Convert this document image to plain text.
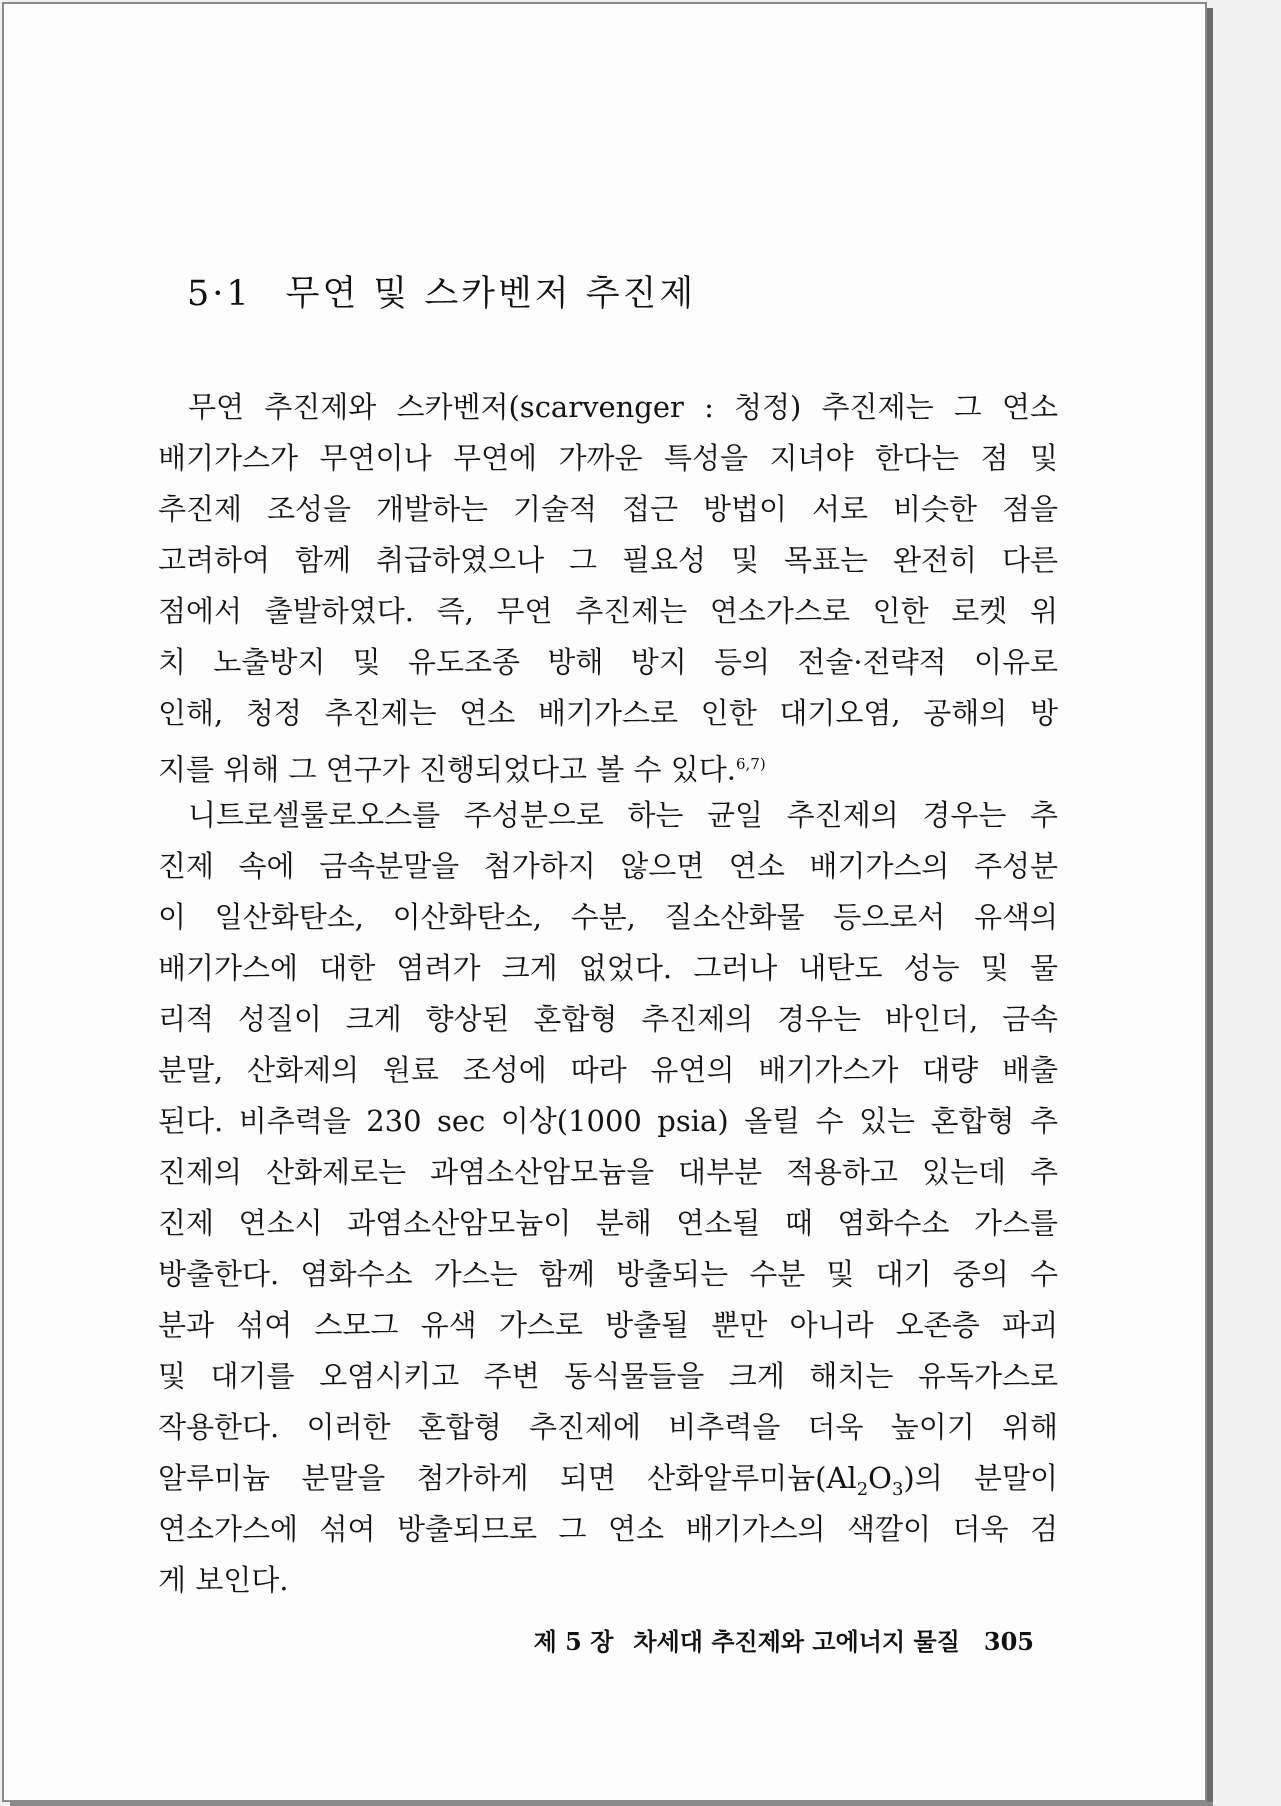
5·1 무연 및 스카벤저 추진제
무연 추진제와 스카벤저(scarvenger : 청정) 추진제는 그 연소
배기가스가 무연이나 무연에 가까운 특성을 지녀야 한다는 점 및
추진제 조성을 개발하는 기술적 접근 방법이 서로 비슷한 점을
고려하여 함께 취급하였으나 그 필요성 및 목표는 완전히 다른
점에서 출발하였다. 즉, 무연 추진제는 연소가스로 인한 로켓 위
치 노출방지 및 유도조종 방해 방지 등의 전술·전략적 이유로
인해, 청정 추진제는 연소 배기가스로 인한 대기오염, 공해의 방
지를 위해 그 연구가 진행되었다고 볼 수 있다.$^{6,7)}$
니트로셀룰로오스를 주성분으로 하는 균일 추진제의 경우는 추
진제 속에 금속분말을 첨가하지 않으면 연소 배기가스의 주성분
이 일산화탄소, 이산화탄소, 수분, 질소산화물 등으로서 유색의
배기가스에 대한 염려가 크게 없었다. 그러나 내탄도 성능 및 물
리적 성질이 크게 향상된 혼합형 추진제의 경우는 바인더, 금속
분말, 산화제의 원료 조성에 따라 유연의 배기가스가 대량 배출
된다. 비추력을 230 sec 이상(1000 psia) 올릴 수 있는 혼합형 추
진제의 산화제로는 과염소산암모늄을 대부분 적용하고 있는데 추
진제 연소시 과염소산암모늄이 분해 연소될 때 염화수소 가스를
방출한다. 염화수소 가스는 함께 방출되는 수분 및 대기 중의 수
분과 섞여 스모그 유색 가스로 방출될 뿐만 아니라 오존층 파괴
및 대기를 오염시키고 주변 동식물들을 크게 해치는 유독가스로
작용한다. 이러한 혼합형 추진제에 비추력을 더욱 높이기 위해
알루미늄 분말을 첨가하게 되면 산화알루미늄$(Al_2O_3)$의 분말이
연소가스에 섞여 방출되므로 그 연소 배기가스의 색깔이 더욱 검
게 보인다.
제 5 장 차세대 추진제와 고에너지 물질 305
